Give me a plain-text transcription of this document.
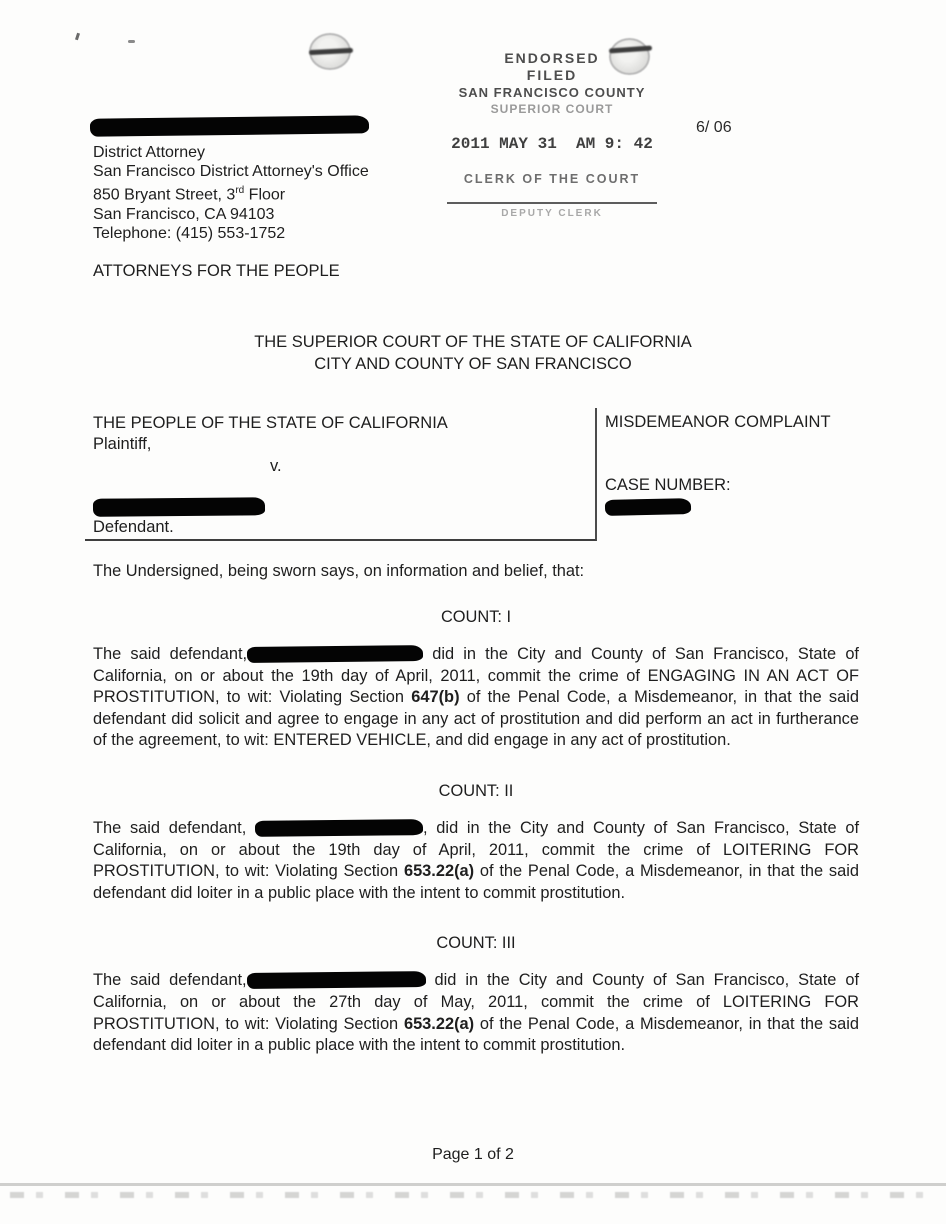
ENDORSED
FILED
SAN FRANCISCO COUNTY
SUPERIOR COURT
2011 MAY 31  AM 9: 42
CLERK OF THE COURT
DEPUTY CLERK
6/ 06
District Attorney
San Francisco District Attorney's Office
850 Bryant Street, 3rd Floor
San Francisco, CA 94103
Telephone: (415) 553-1752
ATTORNEYS FOR THE PEOPLE
THE SUPERIOR COURT OF THE STATE OF CALIFORNIA
CITY AND COUNTY OF SAN FRANCISCO
THE PEOPLE OF THE STATE OF CALIFORNIA
Plaintiff,
v.
Defendant.
MISDEMEANOR COMPLAINT
CASE NUMBER:

The Undersigned, being sworn says, on information and belief, that:

COUNT: I

The said defendant,	did in the City and County of San Francisco, State of California, on or about the 19th day of April, 2011, commit the crime of ENGAGING IN AN ACT OF PROSTITUTION, to wit: Violating Section 647(b) of the Penal Code, a Misdemeanor, in that the said defendant did solicit and agree to engage in any act of prostitution and did perform an act in furtherance of the agreement, to wit: ENTERED VEHICLE, and did engage in any act of prostitution.

COUNT: II

The said defendant,	, did in the City and County of San Francisco, State of California, on or about the 19th day of April, 2011, commit the crime of LOITERING FOR PROSTITUTION, to wit: Violating Section 653.22(a) of the Penal Code, a Misdemeanor, in that the said defendant did loiter in a public place with the intent to commit prostitution.

COUNT: III

The said defendant,	did in the City and County of San Francisco, State of California, on or about the 27th day of May, 2011, commit the crime of LOITERING FOR PROSTITUTION, to wit: Violating Section 653.22(a) of the Penal Code, a Misdemeanor, in that the said defendant did loiter in a public place with the intent to commit prostitution.

Page 1 of 2
